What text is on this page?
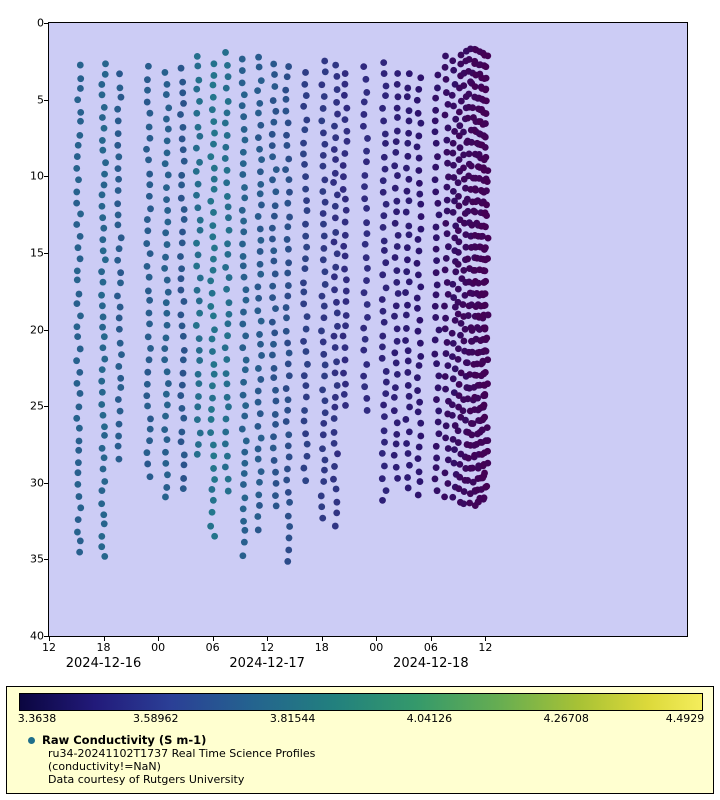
0
5
10
15
20
25
30
35
40
12	18	00	06	12	18	00	06	12
2024-12-16	2024-12-17	2024-12-18
3.3638	3.58962	3.81544	4.04126	4.26708	4.4929
Raw Conductivity (S m-1)
ru34-20241102T1737 Real Time Science Profiles
(conductivity!=NaN)
Data courtesy of Rutgers University
